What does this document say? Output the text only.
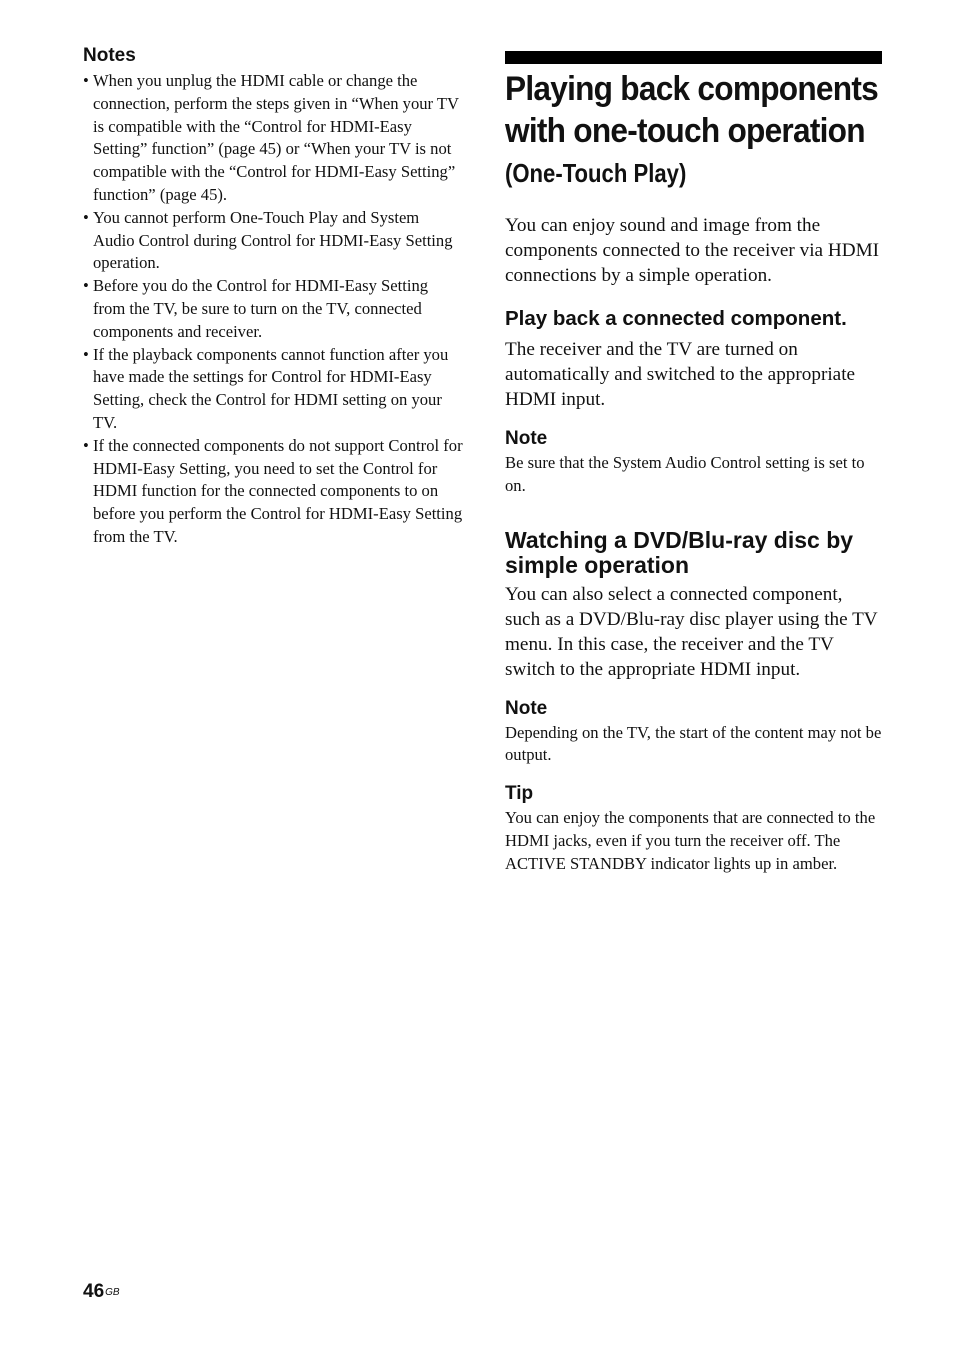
Notes
• When you unplug the HDMI cable or change the connection, perform the steps given in “When your TV is compatible with the “Control for HDMI-Easy Setting” function” (page 45) or “When your TV is not compatible with the “Control for HDMI-Easy Setting” function” (page 45).
• You cannot perform One-Touch Play and System Audio Control during Control for HDMI-Easy Setting operation.
• Before you do the Control for HDMI-Easy Setting from the TV, be sure to turn on the TV, connected components and receiver.
• If the playback components cannot function after you have made the settings for Control for HDMI-Easy Setting, check the Control for HDMI setting on your TV.
• If the connected components do not support Control for HDMI-Easy Setting, you need to set the Control for HDMI function for the connected components to on before you perform the Control for HDMI-Easy Setting from the TV.
Playing back components
with one-touch operation
(One-Touch Play)

You can enjoy sound and image from the components connected to the receiver via HDMI connections by a simple operation.

Play back a connected component.

The receiver and the TV are turned on automatically and switched to the appropriate HDMI input.

Note

Be sure that the System Audio Control setting is set to on.

Watching a DVD/Blu-ray disc by simple operation

You can also select a connected component, such as a DVD/Blu-ray disc player using the TV menu. In this case, the receiver and the TV switch to the appropriate HDMI input.

Note

Depending on the TV, the start of the content may not be output.

Tip

You can enjoy the components that are connected to the HDMI jacks, even if you turn the receiver off. The ACTIVE STANDBY indicator lights up in amber.

$46^{GB}$
